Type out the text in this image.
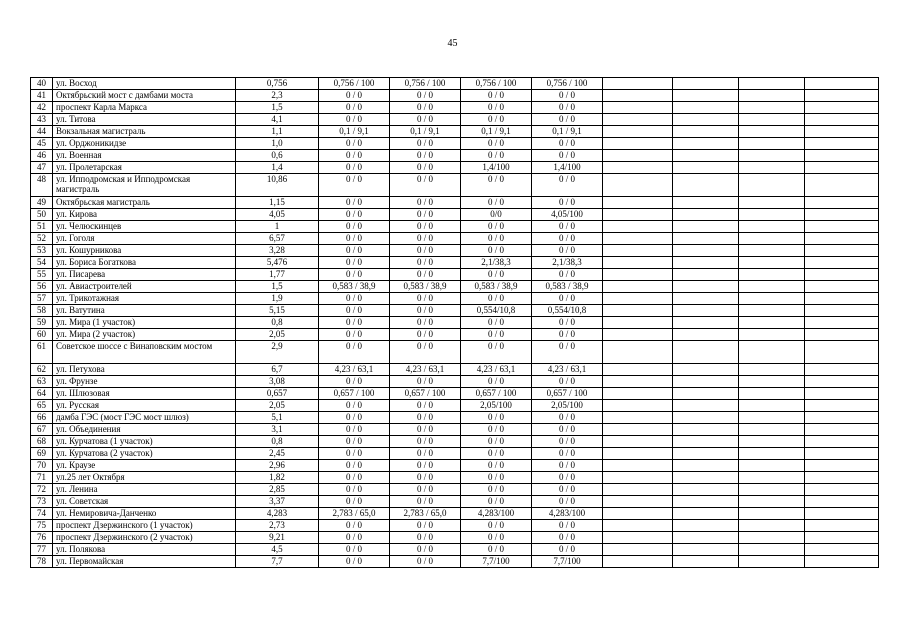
45
40	ул. Восход	0,756	0,756 / 100	0,756 / 100	0,756 / 100	0,756 / 100				
41	Октябрьский мост с дамбами моста	2,3	0 / 0	0 / 0	0 / 0	0 / 0				
42	проспект Карла Маркса	1,5	0 / 0	0 / 0	0 / 0	0 / 0				
43	ул. Титова	4,1	0 / 0	0 / 0	0 / 0	0 / 0				
44	Вокзальная магистраль	1,1	0,1 / 9,1	0,1 / 9,1	0,1 / 9,1	0,1 / 9,1				
45	ул. Орджоникидзе	1,0	0 / 0	0 / 0	0 / 0	0 / 0				
46	ул. Военная	0,6	0 / 0	0 / 0	0 / 0	0 / 0				
47	ул. Пролетарская	1,4	0 / 0	0 / 0	1,4/100	1,4/100				
48	ул. Ипподромская и Ипподромская магистраль	10,86	0 / 0	0 / 0	0 / 0	0 / 0				
49	Октябрьская магистраль	1,15	0 / 0	0 / 0	0 / 0	0 / 0				
50	ул. Кирова	4,05	0 / 0	0 / 0	0/0	4,05/100				
51	ул. Челюскинцев	1	0 / 0	0 / 0	0 / 0	0 / 0				
52	ул. Гоголя	6,57	0 / 0	0 / 0	0 / 0	0 / 0				
53	ул. Кошурникова	3,28	0 / 0	0 / 0	0 / 0	0 / 0				
54	ул. Бориса Богаткова	5,476	0 / 0	0 / 0	2,1/38,3	2,1/38,3				
55	ул. Писарева	1,77	0 / 0	0 / 0	0 / 0	0 / 0				
56	ул. Авиастроителей	1,5	0,583 / 38,9	0,583 / 38,9	0,583 / 38,9	0,583 / 38,9				
57	ул. Трикотажная	1,9	0 / 0	0 / 0	0 / 0	0 / 0				
58	ул. Ватутина	5,15	0 / 0	0 / 0	0,554/10,8	0,554/10,8				
59	ул. Мира (1 участок)	0,8	0 / 0	0 / 0	0 / 0	0 / 0				
60	ул. Мира (2 участок)	2,05	0 / 0	0 / 0	0 / 0	0 / 0				
61	Советское шоссе с Винаповским мостом	2,9	0 / 0	0 / 0	0 / 0	0 / 0				
62	ул. Петухова	6,7	4,23 / 63,1	4,23 / 63,1	4,23 / 63,1	4,23 / 63,1				
63	ул. Фрунзе	3,08	0 / 0	0 / 0	0 / 0	0 / 0				
64	ул. Шлюзовая	0,657	0,657 / 100	0,657 / 100	0,657 / 100	0,657 / 100				
65	ул. Русская	2,05	0 / 0	0 / 0	2,05/100	2,05/100				
66	дамба ГЭС (мост ГЭС мост шлюз)	5,1	0 / 0	0 / 0	0 / 0	0 / 0				
67	ул. Объединения	3,1	0 / 0	0 / 0	0 / 0	0 / 0				
68	ул. Курчатова (1 участок)	0,8	0 / 0	0 / 0	0 / 0	0 / 0				
69	ул. Курчатова (2 участок)	2,45	0 / 0	0 / 0	0 / 0	0 / 0				
70	ул. Краузе	2,96	0 / 0	0 / 0	0 / 0	0 / 0				
71	ул.25 лет Октября	1,82	0 / 0	0 / 0	0 / 0	0 / 0				
72	ул. Ленина	2,85	0 / 0	0 / 0	0 / 0	0 / 0				
73	ул. Советская	3,37	0 / 0	0 / 0	0 / 0	0 / 0				
74	ул. Немировича-Данченко	4,283	2,783 / 65,0	2,783 / 65,0	4,283/100	4,283/100				
75	проспект Дзержинского (1 участок)	2,73	0 / 0	0 / 0	0 / 0	0 / 0				
76	проспект Дзержинского (2 участок)	9,21	0 / 0	0 / 0	0 / 0	0 / 0				
77	ул. Полякова	4,5	0 / 0	0 / 0	0 / 0	0 / 0				
78	ул. Первомайская	7,7	0 / 0	0 / 0	7,7/100	7,7/100				
